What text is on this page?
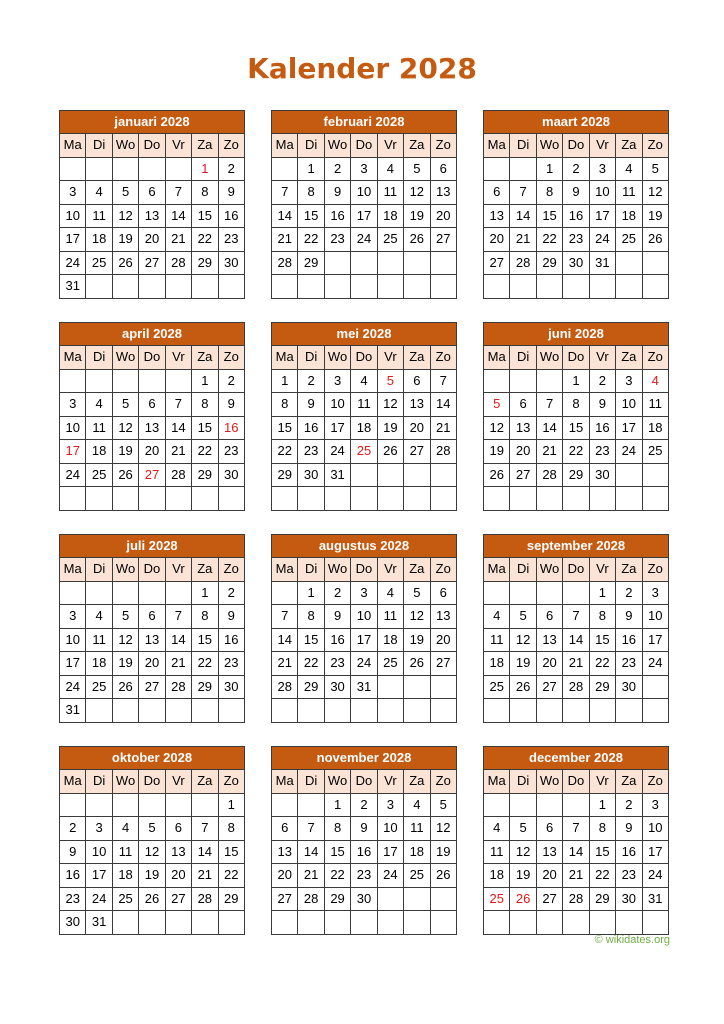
Kalender 2028
januari 2028						
Ma	Di	Wo	Do	Vr	Za	Zo
					1	2
3	4	5	6	7	8	9
10	11	12	13	14	15	16
17	18	19	20	21	22	23
24	25	26	27	28	29	30
31						
februari 2028						
Ma	Di	Wo	Do	Vr	Za	Zo
	1	2	3	4	5	6
7	8	9	10	11	12	13
14	15	16	17	18	19	20
21	22	23	24	25	26	27
28	29					

maart 2028						
Ma	Di	Wo	Do	Vr	Za	Zo
		1	2	3	4	5
6	7	8	9	10	11	12
13	14	15	16	17	18	19
20	21	22	23	24	25	26
27	28	29	30	31		

april 2028						
Ma	Di	Wo	Do	Vr	Za	Zo
					1	2
3	4	5	6	7	8	9
10	11	12	13	14	15	16
17	18	19	20	21	22	23
24	25	26	27	28	29	30

mei 2028						
Ma	Di	Wo	Do	Vr	Za	Zo
1	2	3	4	5	6	7
8	9	10	11	12	13	14
15	16	17	18	19	20	21
22	23	24	25	26	27	28
29	30	31				

juni 2028						
Ma	Di	Wo	Do	Vr	Za	Zo
			1	2	3	4
5	6	7	8	9	10	11
12	13	14	15	16	17	18
19	20	21	22	23	24	25
26	27	28	29	30		

juli 2028						
Ma	Di	Wo	Do	Vr	Za	Zo
					1	2
3	4	5	6	7	8	9
10	11	12	13	14	15	16
17	18	19	20	21	22	23
24	25	26	27	28	29	30
31						
augustus 2028						
Ma	Di	Wo	Do	Vr	Za	Zo
	1	2	3	4	5	6
7	8	9	10	11	12	13
14	15	16	17	18	19	20
21	22	23	24	25	26	27
28	29	30	31			

september 2028						
Ma	Di	Wo	Do	Vr	Za	Zo
				1	2	3
4	5	6	7	8	9	10
11	12	13	14	15	16	17
18	19	20	21	22	23	24
25	26	27	28	29	30	

oktober 2028						
Ma	Di	Wo	Do	Vr	Za	Zo
						1
2	3	4	5	6	7	8
9	10	11	12	13	14	15
16	17	18	19	20	21	22
23	24	25	26	27	28	29
30	31					
november 2028						
Ma	Di	Wo	Do	Vr	Za	Zo
		1	2	3	4	5
6	7	8	9	10	11	12
13	14	15	16	17	18	19
20	21	22	23	24	25	26
27	28	29	30			

december 2028						
Ma	Di	Wo	Do	Vr	Za	Zo
				1	2	3
4	5	6	7	8	9	10
11	12	13	14	15	16	17
18	19	20	21	22	23	24
25	26	27	28	29	30	31

© wikidates.org
